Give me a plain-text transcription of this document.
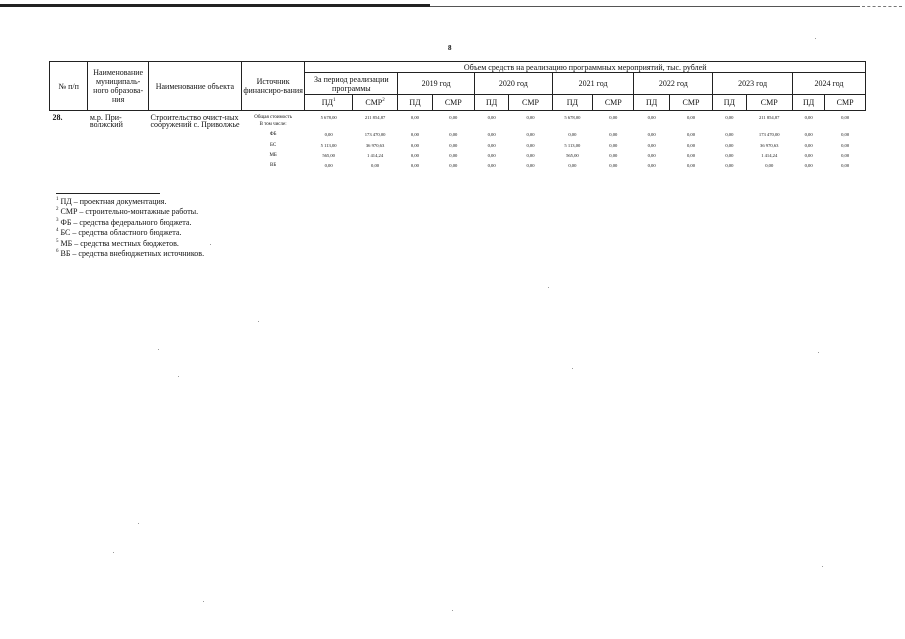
8
№ п/п	Наименование муниципаль-ного образова-ния	Наименование объекта	Источник финансиро-вания	Объем средств на реализацию программных мероприятий, тыс. рублей													
				За период реализации программы		2019 год		2020 год		2021 год		2022 год		2023 год		2024 год	
				$ПД^1$	СМР$^2$	ПД	СМР	ПД	СМР	ПД	СМР	ПД	СМР	ПД	СМР	ПД	СМР
28.	м.р. При-волжский	Строительство очист-ных сооружений с. Приволжье	Общая стоимость
В том числе:	5 678,00	211 854,87	0,00	0,00	0,00	0,00	5 678,00	0,00	0,00	0,00	0,00	211 854,87	0,00	0,00
			ФБ	0,00	173 470,00	0,00	0,00	0,00	0,00	0,00	0,00	0,00	0,00	0,00	173 470,00	0,00	0,00
			БС	5 113,00	36 970,63	0,00	0,00	0,00	0,00	5 113,00	0,00	0,00	0,00	0,00	36 970,63	0,00	0,00
			МБ	565,00	1 414,24	0,00	0,00	0,00	0,00	565,00	0,00	0,00	0,00	0,00	1 414,24	0,00	0,00
			ВБ	0,00	0,00	0,00	0,00	0,00	0,00	0,00	0,00	0,00	0,00	0,00	0,00	0,00	0,00
$^1$ ПД – проектная документация.
$^2$ СМР – строительно-монтажные работы.
$^3$ ФБ – средства федерального бюджета.
$^4$ БС – средства областного бюджета.
$^5$ МБ – средства местных бюджетов.
$^6$ ВБ – средства внебюджетных источников.
